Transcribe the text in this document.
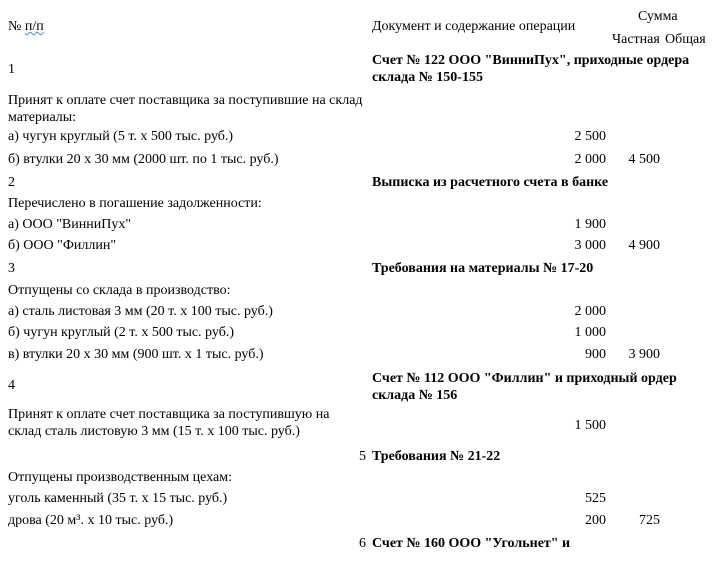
№ п/п	Документ и содержание операции
Сумма
Частная Общая
1
Счет № 122 ООО "ВинниПух", приходные ордера склада № 150-155
Принят к оплате счет поставщика за поступившие на склад материалы:
а) чугун круглый (5 т. х 500 тыс. руб.)	2 500
б) втулки 20 х 30 мм (2000 шт. по 1 тыс. руб.)	2 000	4 500
2	Выписка из расчетного счета в банке
Перечислено в погашение задолженности:
а) ООО "ВинниПух"	1 900
б) ООО "Филлин"	3 000	4 900
3	Требования на материалы № 17-20
Отпущены со склада в производство:
а) сталь листовая 3 мм (20 т. х 100 тыс. руб.)	2 000
б) чугун круглый (2 т. х 500 тыс. руб.)	1 000
в) втулки 20 х 30 мм (900 шт. х 1 тыс. руб.)	900	3 900
4	Счет № 112 ООО "Филлин" и приходный ордер склада № 156
Принят к оплате счет поставщика за поступившую на склад сталь листовую 3 мм (15 т. х 100 тыс. руб.)	1 500
5 Требования № 21-22
Отпущены производственным цехам:
уголь каменный (35 т. х 15 тыс. руб.)	525
дрова (20 м³. х 10 тыс. руб.)	200	725
6 Счет № 160 ООО "Угольнет" и
